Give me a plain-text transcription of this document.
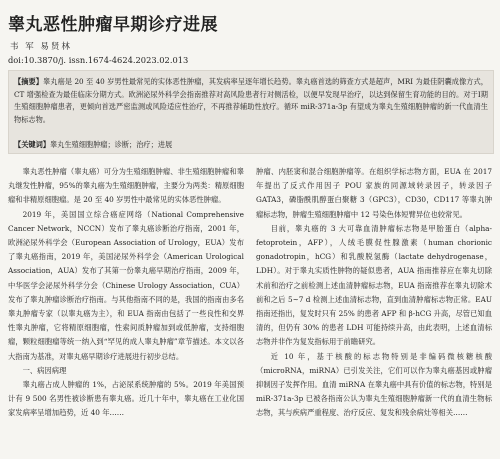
睾丸恶性肿瘤早期诊疗进展
韦 军 易贤林
doi:10.3870/j. issn.1674-4624.2023.02.013
【摘要】睾丸癌是 20 至 40 岁男性最常见的实体恶性肿瘤，其发病率呈逐年增长趋势。睾丸癌首选的筛查方式是超声，MRI 为最佳阴囊成像方式，CT 增强检查为最佳临床分期方式。欧洲泌尿外科学会指南推荐对高风险患者行对侧活检，以便早发现早治疗，以达到保留生育功能的目的。对于Ⅰ期生殖细胞肿瘤患者，更倾向首选严密监测或风险适应性治疗，不再推荐辅助性放疗。循环 miR-371a-3p 有望成为睾丸生殖细胞肿瘤的新一代血清生物标志物。
【关键词】睾丸生殖细胞肿瘤；诊断；治疗；进展

睾丸恶性肿瘤（睾丸癌）可分为生殖细胞肿瘤、非生殖细胞肿瘤和睾丸继发性肿瘤，95%的睾丸癌为生殖细胞肿瘤，主要分为两类：精原细胞瘤和非精原细胞瘤。是 20 至 40 岁男性中最常见的实体恶性肿瘤。

2019 年，美国国立综合癌症网络（National Comprehensive Cancer Network，NCCN）发布了睾丸癌诊断治疗指南，2001 年，欧洲泌尿外科学会（European Association of Urology，EUA）发布了睾丸癌指南，2019 年，美国泌尿外科学会（American Urological Association，AUA）发布了其第一份睾丸癌早期治疗指南，2009 年，中华医学会泌尿外科学分会（Chinese Urology Association，CUA）发布了睾丸肿瘤诊断治疗指南。与其他指南不同的是，我国的指南由多名睾丸肿瘤专家（以睾丸癌为主），和 EUA 指南由包括了一些良性和交界性睾丸肿瘤，它将精原细胞瘤，性索间质肿瘤加到或低肿瘤，支持细胞瘤，颗粒细胞瘤等统一纳入到“罕见的成人睾丸肿瘤”章节描述。本文以各大指南为基准，对睾丸癌早期诊疗进展进行初步总结。

一、病因病理

睾丸癌占成人肿瘤的 1%，占泌尿系统肿瘤的 5%。2019 年美国预计有 9 500 名男性被诊断患有睾丸癌。近几十年中，睾丸癌在工业化国家发病率呈增加趋势，近 40 年……

肿瘤、内胚窦和混合细胞肿瘤等。在组织学标志物方面，EUA 在 2017 年提出了反式作用因子 POU 家族的同源域转录因子，转录因子 GATA3，磷脂酰肌醇蛋白聚糖 3（GPC3），CD30，CD117 等睾丸肿瘤标志物，肿瘤生殖细胞肿瘤中 12 号染色体短臂异位也较常见。

目前，睾丸癌的 3 大可靠血清肿瘤标志物是甲胎蛋白（alpha-fetoprotein，AFP），人绒毛膜促性腺激素（human chorionic gonadotropin，hCG）和乳酸脱氢酶（lactate dehydrogenase，LDH）。对于睾丸实质性肿物的疑似患者，AUA 指南推荐应在睾丸切除术前和治疗之前检测上述血清肿瘤标志物，EUA 指南推荐在睾丸切除术前和之后 5~7 d 检测上述血清标志物，直到血清肿瘤标志物正常。EAU 指南还指出，复发时只有 25% 的患者 AFP 和 β-hCG 升高，尽管已知血清的，但仍有 30% 的患者 LDH 可能持续升高，由此表明，上述血清标志物并非作为复发指标用于前瞻研究。

近 10 年，基于核酸的标志物特别是非编码微核糖核酸（microRNA，miRNA）已引发关注，它们可以作为睾丸癌基因或肿瘤抑制因子发挥作用。血清 miRNA 在睾丸癌中具有价值的标志物，特别是 miR-371a-3p 已被各指南公认为睾丸生殖细胞肿瘤新一代的血清生物标志物，其与疾病严重程度、治疗反应、复发和残余病灶等相关……
